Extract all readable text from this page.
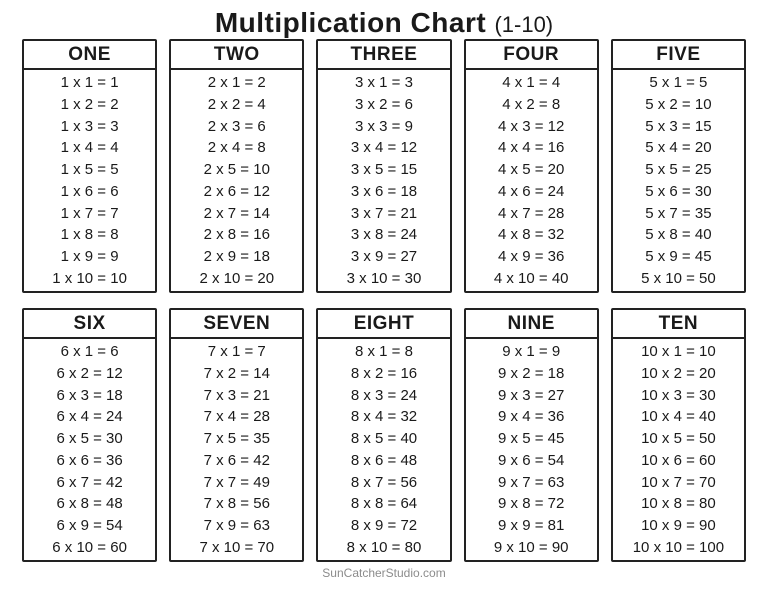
Multiplication Chart (1-10)
ONE
1 x 1 = 1
1 x 2 = 2
1 x 3 = 3
1 x 4 = 4
1 x 5 = 5
1 x 6 = 6
1 x 7 = 7
1 x 8 = 8
1 x 9 = 9
1 x 10 = 10
TWO
2 x 1 = 2
2 x 2 = 4
2 x 3 = 6
2 x 4 = 8
2 x 5 = 10
2 x 6 = 12
2 x 7 = 14
2 x 8 = 16
2 x 9 = 18
2 x 10 = 20
THREE
3 x 1 = 3
3 x 2 = 6
3 x 3 = 9
3 x 4 = 12
3 x 5 = 15
3 x 6 = 18
3 x 7 = 21
3 x 8 = 24
3 x 9 = 27
3 x 10 = 30
FOUR
4 x 1 = 4
4 x 2 = 8
4 x 3 = 12
4 x 4 = 16
4 x 5 = 20
4 x 6 = 24
4 x 7 = 28
4 x 8 = 32
4 x 9 = 36
4 x 10 = 40
FIVE
5 x 1 = 5
5 x 2 = 10
5 x 3 = 15
5 x 4 = 20
5 x 5 = 25
5 x 6 = 30
5 x 7 = 35
5 x 8 = 40
5 x 9 = 45
5 x 10 = 50
SIX
6 x 1 = 6
6 x 2 = 12
6 x 3 = 18
6 x 4 = 24
6 x 5 = 30
6 x 6 = 36
6 x 7 = 42
6 x 8 = 48
6 x 9 = 54
6 x 10 = 60
SEVEN
7 x 1 = 7
7 x 2 = 14
7 x 3 = 21
7 x 4 = 28
7 x 5 = 35
7 x 6 = 42
7 x 7 = 49
7 x 8 = 56
7 x 9 = 63
7 x 10 = 70
EIGHT
8 x 1 = 8
8 x 2 = 16
8 x 3 = 24
8 x 4 = 32
8 x 5 = 40
8 x 6 = 48
8 x 7 = 56
8 x 8 = 64
8 x 9 = 72
8 x 10 = 80
NINE
9 x 1 = 9
9 x 2 = 18
9 x 3 = 27
9 x 4 = 36
9 x 5 = 45
9 x 6 = 54
9 x 7 = 63
9 x 8 = 72
9 x 9 = 81
9 x 10 = 90
TEN
10 x 1 = 10
10 x 2 = 20
10 x 3 = 30
10 x 4 = 40
10 x 5 = 50
10 x 6 = 60
10 x 7 = 70
10 x 8 = 80
10 x 9 = 90
10 x 10 = 100
SunCatcherStudio.com
